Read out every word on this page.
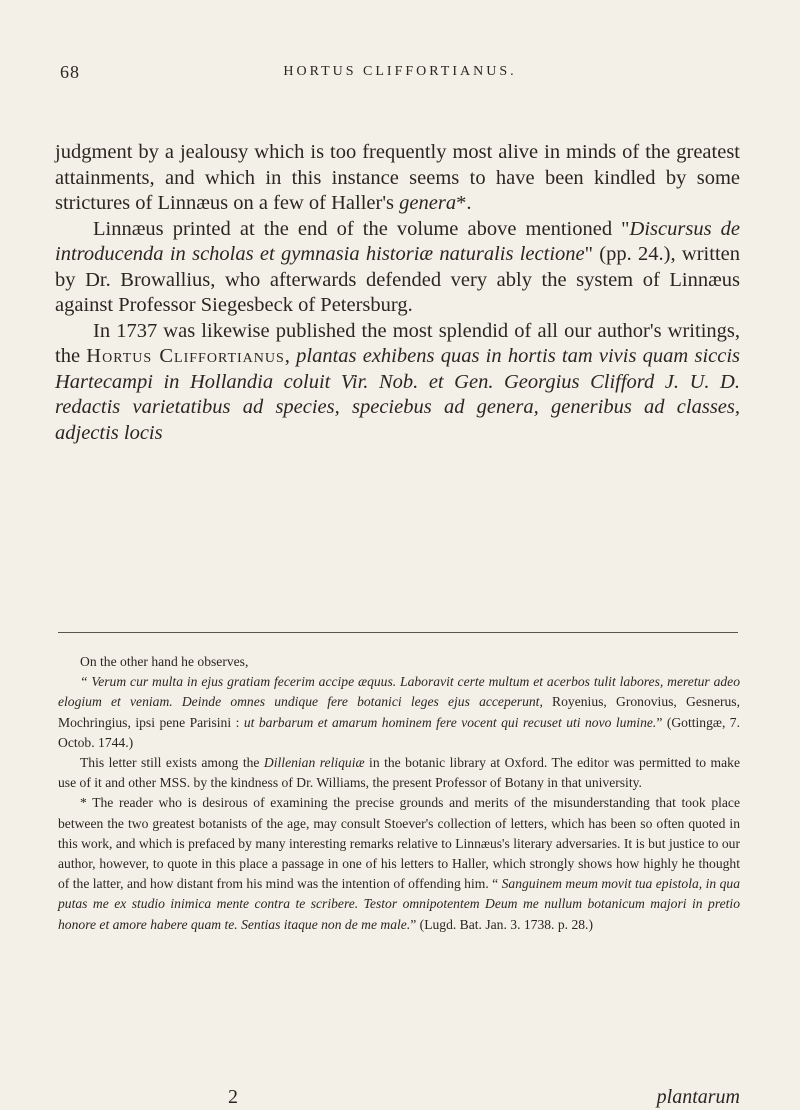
68	HORTUS CLIFFORTIANUS.

judgment by a jealousy which is too frequently most alive in minds of the greatest attainments, and which in this instance seems to have been kindled by some strictures of Linnæus on a few of Haller's genera*.

Linnæus printed at the end of the volume above mentioned "Discursus de introducenda in scholas et gymnasia historiæ naturalis lectione" (pp. 24.), written by Dr. Browallius, who afterwards defended very ably the system of Linnæus against Professor Siegesbeck of Petersburg.

In 1737 was likewise published the most splendid of all our author's writings, the Hortus Cliffortianus, plantas exhibens quas in hortis tam vivis quam siccis Hartecampi in Hollandia coluit Vir. Nob. et Gen. Georgius Clifford J. U. D. redactis varietatibus ad species, speciebus ad genera, generibus ad classes, adjectis locis

On the other hand he observes,

“ Verum cur multa in ejus gratiam fecerim accipe æquus. Laboravit certe multum et acerbos tulit labores, meretur adeo elogium et veniam. Deinde omnes undique fere botanici leges ejus acceperunt, Royenius, Gronovius, Gesnerus, Mochringius, ipsi pene Parisini : ut barbarum et amarum hominem fere vocent qui recuset uti novo lumine.” (Gottingæ, 7. Octob. 1744.)

This letter still exists among the Dillenian reliquiæ in the botanic library at Oxford. The editor was permitted to make use of it and other MSS. by the kindness of Dr. Williams, the present Professor of Botany in that university.

* The reader who is desirous of examining the precise grounds and merits of the misunderstanding that took place between the two greatest botanists of the age, may consult Stoever's collection of letters, which has been so often quoted in this work, and which is prefaced by many interesting remarks relative to Linnæus's literary adversaries. It is but justice to our author, however, to quote in this place a passage in one of his letters to Haller, which strongly shows how highly he thought of the latter, and how distant from his mind was the intention of offending him. “ Sanguinem meum movit tua epistola, in qua putas me ex studio inimica mente contra te scribere. Testor omnipotentem Deum me nullum botanicum majori in pretio honore et amore habere quam te. Sentias itaque non de me male.” (Lugd. Bat. Jan. 3. 1738. p. 28.)

2	plantarum
